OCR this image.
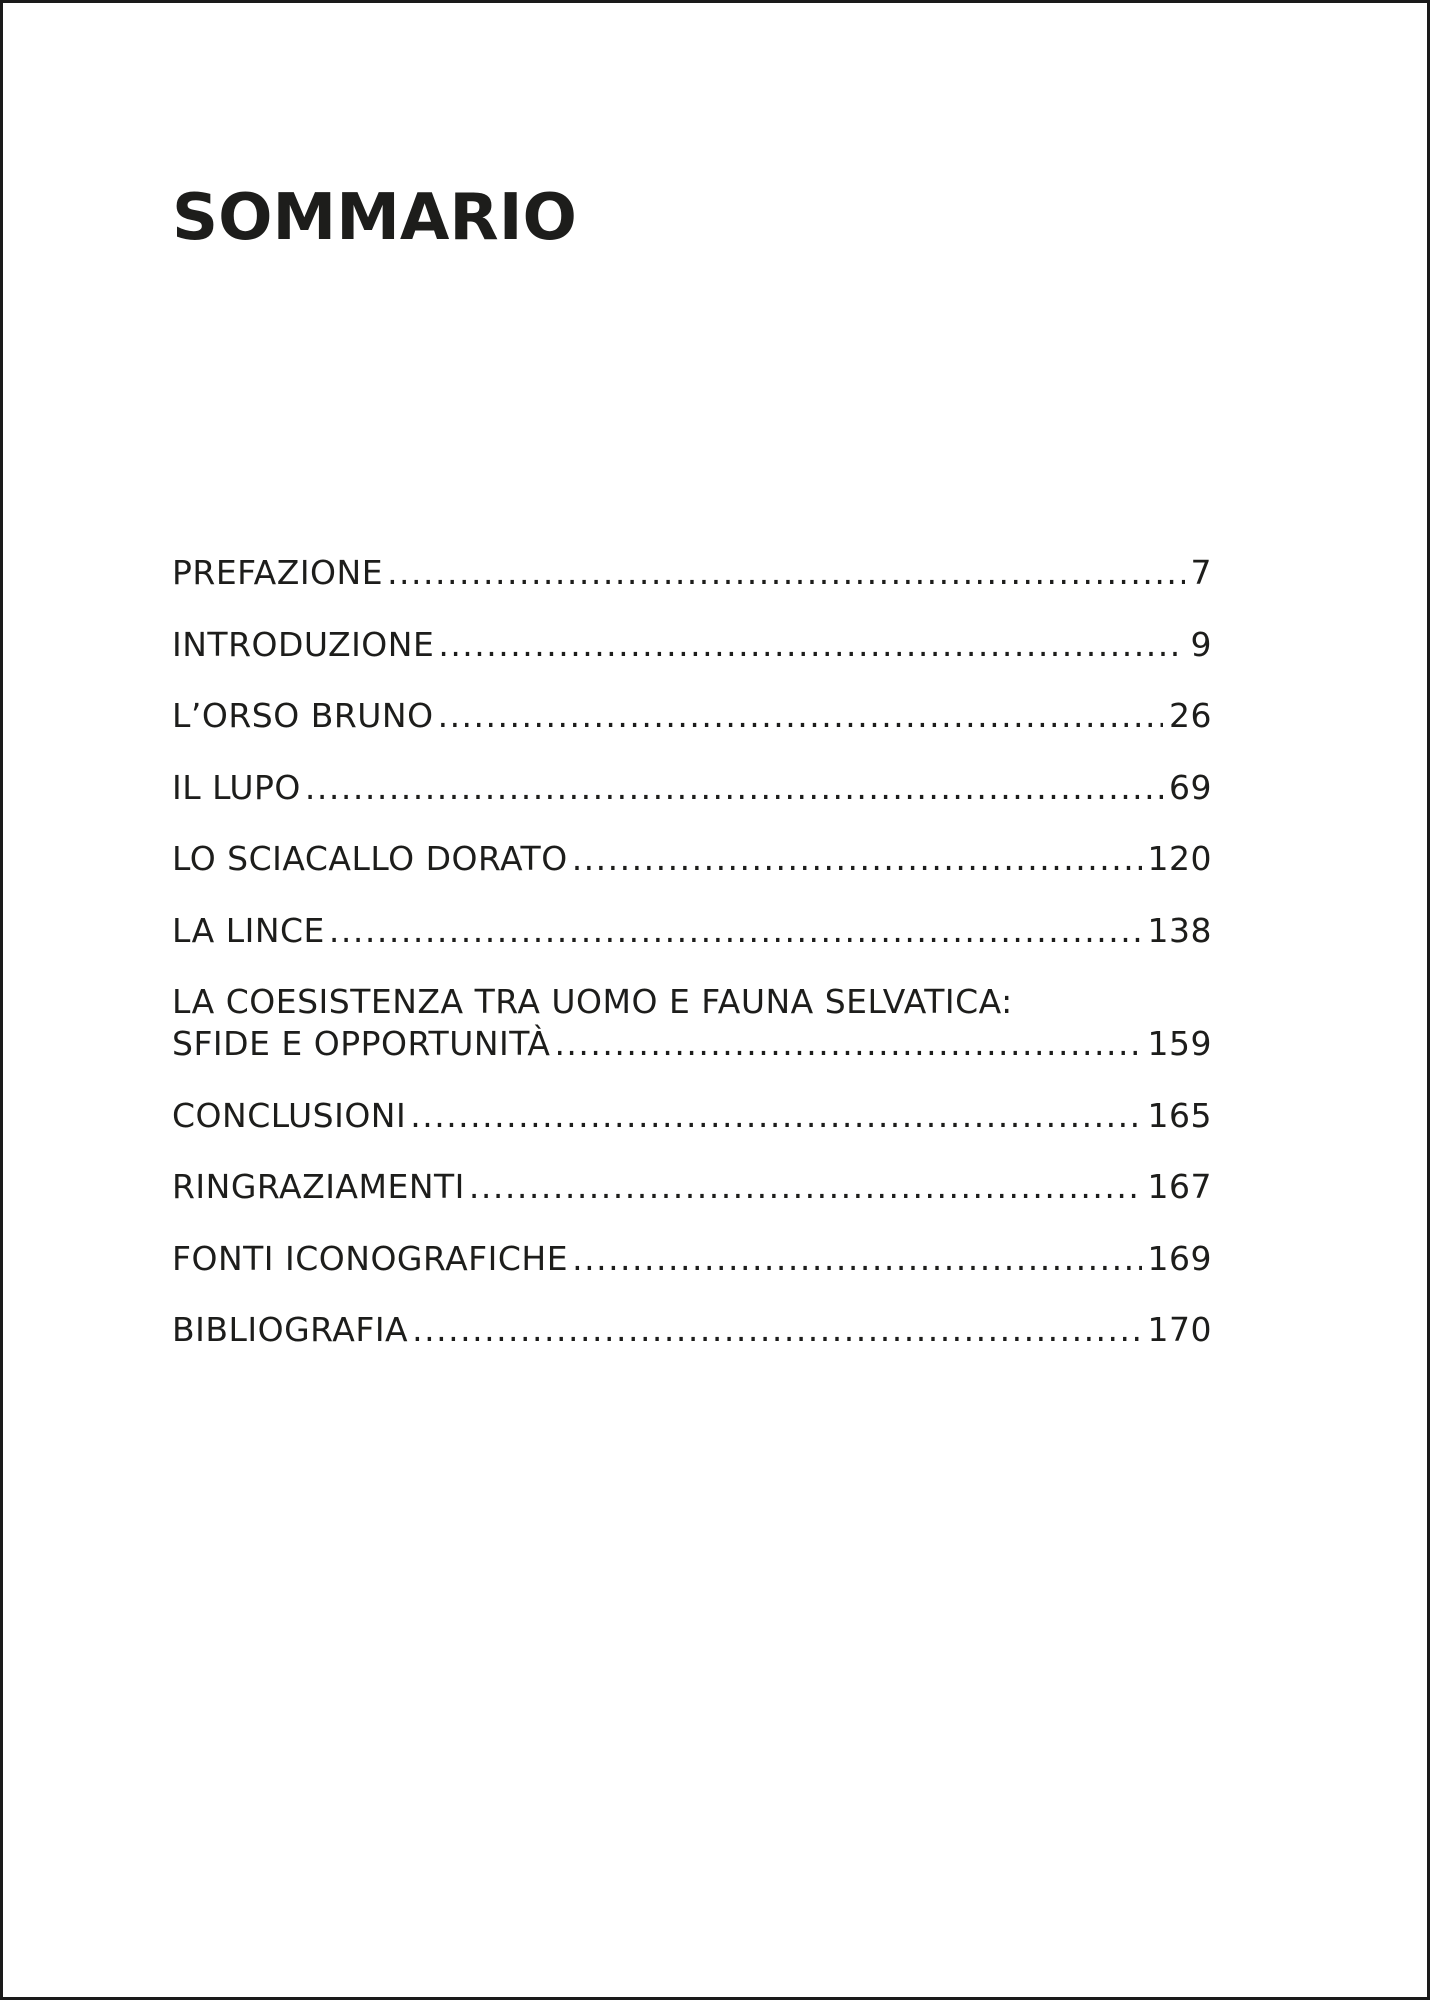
SOMMARIO
PREFAZIONE .....	7
INTRODUZIONE .....	9
L’ORSO BRUNO .....	26
IL LUPO .....	69
LO SCIACALLO DORATO .....	120
LA LINCE .....	138
LA COESISTENZA TRA UOMO E FAUNA SELVATICA:
SFIDE E OPPORTUNITÀ .....	159
CONCLUSIONI .....	165
RINGRAZIAMENTI .....	167
FONTI ICONOGRAFICHE .....	169
BIBLIOGRAFIA .....	170
